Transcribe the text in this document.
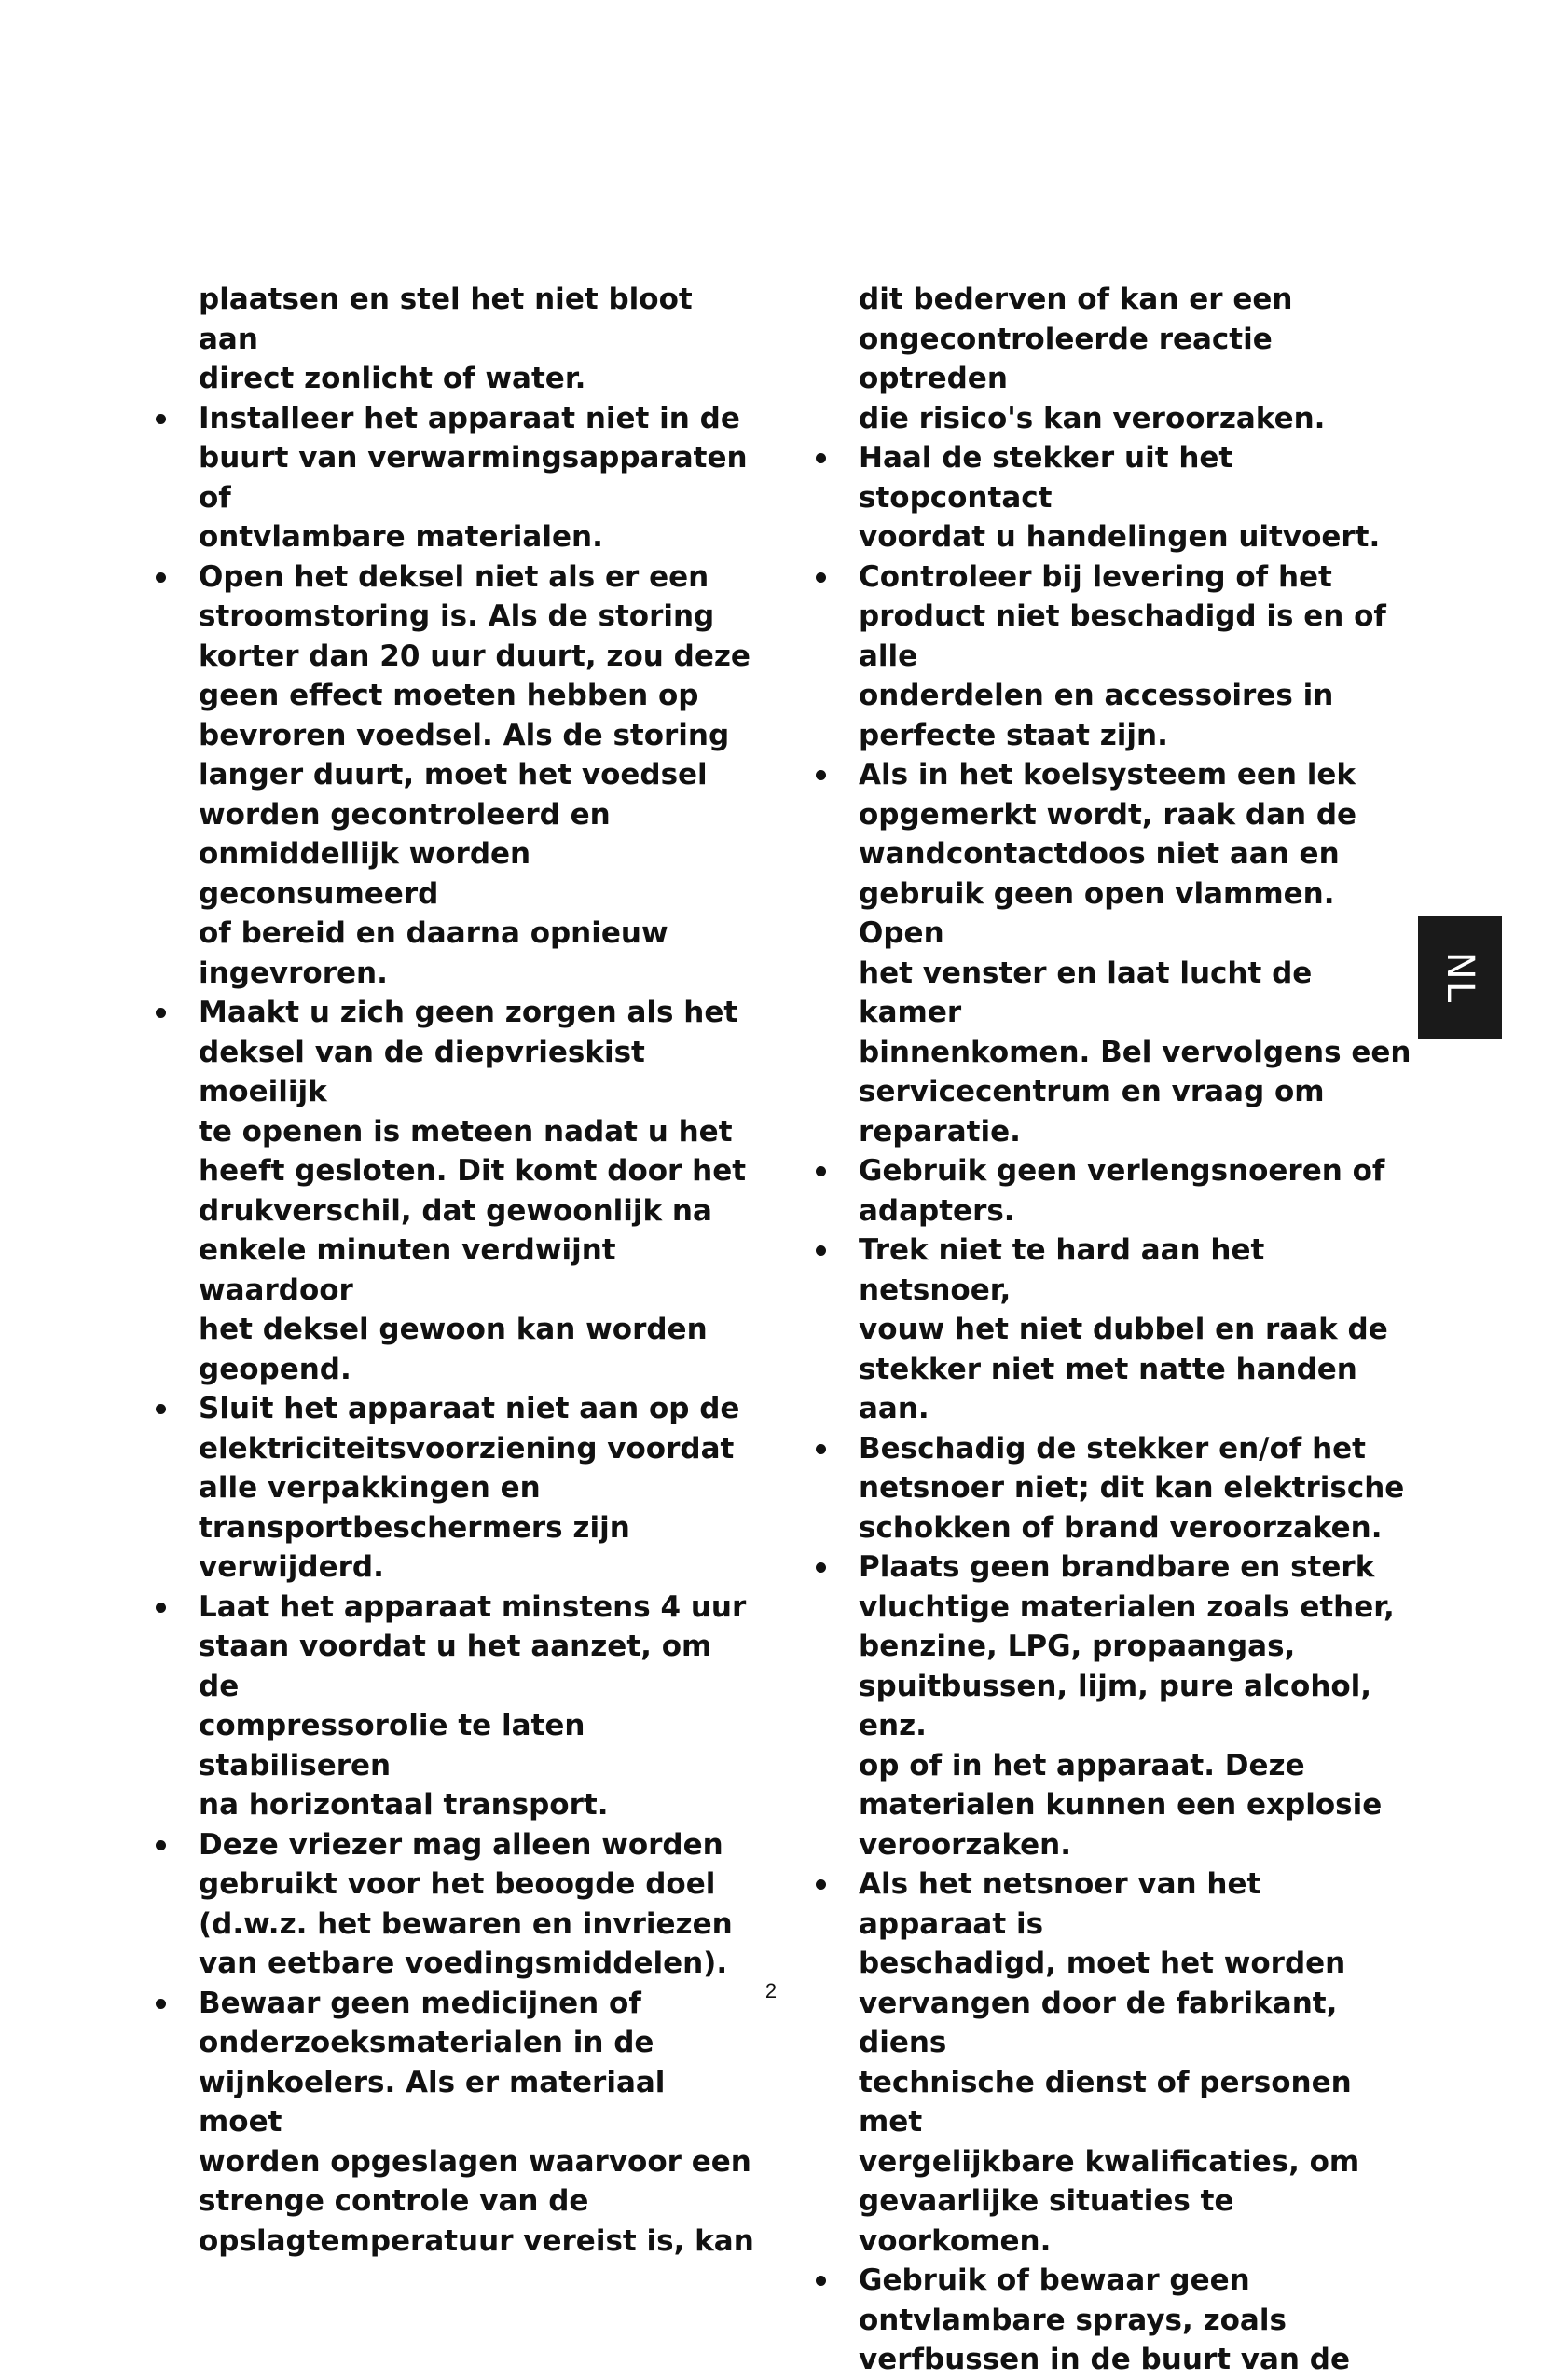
plaatsen en stel het niet bloot aan
direct zonlicht of water.

Installeer het apparaat niet in de
buurt van verwarmingsapparaten of
ontvlambare materialen.

Open het deksel niet als er een
stroomstoring is. Als de storing
korter dan 20 uur duurt, zou deze
geen effect moeten hebben op
bevroren voedsel. Als de storing
langer duurt, moet het voedsel
worden gecontroleerd en
onmiddellijk worden geconsumeerd
of bereid en daarna opnieuw
ingevroren.

Maakt u zich geen zorgen als het
deksel van de diepvrieskist moeilijk
te openen is meteen nadat u het
heeft gesloten. Dit komt door het
drukverschil, dat gewoonlijk na
enkele minuten verdwijnt waardoor
het deksel gewoon kan worden
geopend.

Sluit het apparaat niet aan op de
elektriciteitsvoorziening voordat
alle verpakkingen en
transportbeschermers zijn
verwijderd.

Laat het apparaat minstens 4 uur
staan voordat u het aanzet, om de
compressorolie te laten stabiliseren
na horizontaal transport.

Deze vriezer mag alleen worden
gebruikt voor het beoogde doel
(d.w.z. het bewaren en invriezen
van eetbare voedingsmiddelen).

Bewaar geen medicijnen of
onderzoeksmaterialen in de
wijnkoelers. Als er materiaal moet
worden opgeslagen waarvoor een
strenge controle van de
opslagtemperatuur vereist is, kan

dit bederven of kan er een
ongecontroleerde reactie optreden
die risico's kan veroorzaken.

Haal de stekker uit het stopcontact
voordat u handelingen uitvoert.

Controleer bij levering of het
product niet beschadigd is en of alle
onderdelen en accessoires in
perfecte staat zijn.

Als in het koelsysteem een lek
opgemerkt wordt, raak dan de
wandcontactdoos niet aan en
gebruik geen open vlammen. Open
het venster en laat lucht de kamer
binnenkomen. Bel vervolgens een
servicecentrum en vraag om
reparatie.

Gebruik geen verlengsnoeren of
adapters.

Trek niet te hard aan het netsnoer,
vouw het niet dubbel en raak de
stekker niet met natte handen aan.

Beschadig de stekker en/of het
netsnoer niet; dit kan elektrische
schokken of brand veroorzaken.

Plaats geen brandbare en sterk
vluchtige materialen zoals ether,
benzine, LPG, propaangas,
spuitbussen, lijm, pure alcohol, enz.
op of in het apparaat. Deze
materialen kunnen een explosie
veroorzaken.

Als het netsnoer van het apparaat is
beschadigd, moet het worden
vervangen door de fabrikant, diens
technische dienst of personen met
vergelijkbare kwalificaties, om
gevaarlijke situaties te voorkomen.

Gebruik of bewaar geen
ontvlambare sprays, zoals
verfbussen in de buurt van de

NL
2
